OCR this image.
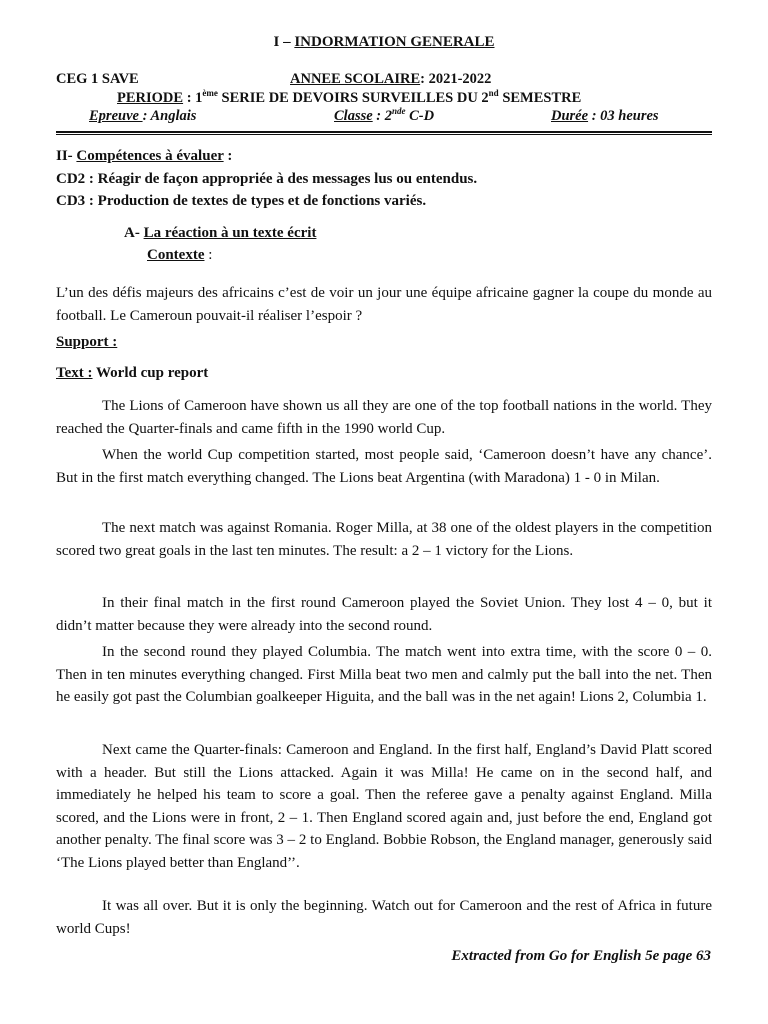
I – INDORMATION GENERALE
CEG 1 SAVE	ANNEE SCOLAIRE: 2021-2022
PERIODE : 1ème SERIE DE DEVOIRS SURVEILLES DU 2nd SEMESTRE
Epreuve : Anglais	Classe : 2nde C-D	Durée : 03 heures
II- Compétences à évaluer :
CD2 : Réagir de façon appropriée à des messages lus ou entendus.
CD3 : Production de textes de types et de fonctions variés.
A- La réaction à un texte écrit
Contexte :
L’un des défis majeurs des africains c’est de voir un jour une équipe africaine gagner la coupe du monde au football. Le Cameroun pouvait-il réaliser l’espoir ?
Support :
Text : World cup report
The Lions of Cameroon have shown us all they are one of the top football nations in the world. They reached the Quarter-finals and came fifth in the 1990 world Cup.
When the world Cup competition started, most people said, ‘Cameroon doesn’t have any chance’. But in the first match everything changed. The Lions beat Argentina (with Maradona) 1 - 0 in Milan.
The next match was against Romania. Roger Milla, at 38 one of the oldest players in the competition scored two great goals in the last ten minutes. The result: a 2 – 1 victory for the Lions.
In their final match in the first round Cameroon played the Soviet Union. They lost 4 – 0, but it didn’t matter because they were already into the second round.
In the second round they played Columbia. The match went into extra time, with the score 0 – 0. Then in ten minutes everything changed. First Milla beat two men and calmly put the ball into the net. Then he easily got past the Columbian goalkeeper Higuita, and the ball was in the net again! Lions 2, Columbia 1.
Next came the Quarter-finals: Cameroon and England. In the first half, England’s David Platt scored with a header. But still the Lions attacked. Again it was Milla! He came on in the second half, and immediately he helped his team to score a goal. Then the referee gave a penalty against England. Milla scored, and the Lions were in front, 2 – 1. Then England scored again and, just before the end, England got another penalty. The final score was 3 – 2 to England. Bobbie Robson, the England manager, generously said ‘The Lions played better than England’’.
It was all over. But it is only the beginning. Watch out for Cameroon and the rest of Africa in future world Cups!
Extracted from Go for English 5e page 63
